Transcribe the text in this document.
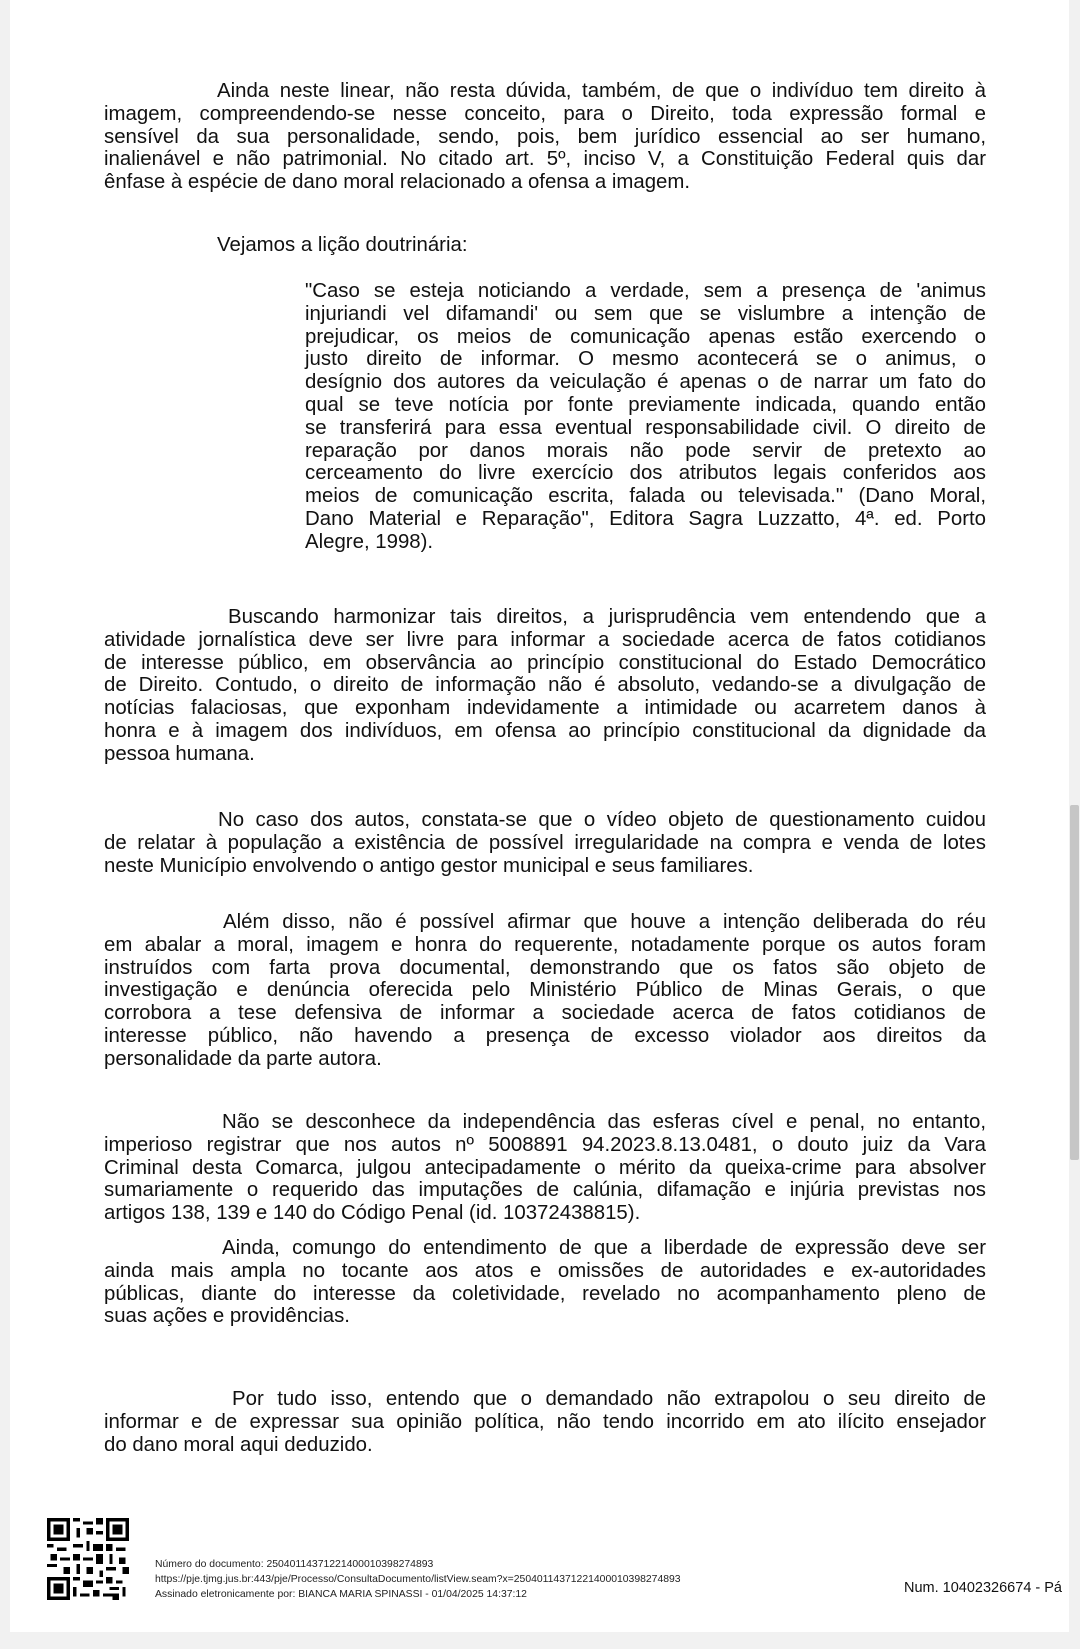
Ainda neste linear, não resta dúvida, também, de que o indivíduo tem direito à
imagem, compreendendo-se nesse conceito, para o Direito, toda expressão formal e
sensível da sua personalidade, sendo, pois, bem jurídico essencial ao ser humano,
inalienável e não patrimonial. No citado art. 5º, inciso V, a Constituição Federal quis dar
ênfase à espécie de dano moral relacionado a ofensa a imagem.
Vejamos a lição doutrinária:
"Caso se esteja noticiando a verdade, sem a presença de 'animus
injuriandi vel difamandi' ou sem que se vislumbre a intenção de
prejudicar, os meios de comunicação apenas estão exercendo o
justo direito de informar. O mesmo acontecerá se o animus, o
desígnio dos autores da veiculação é apenas o de narrar um fato do
qual se teve notícia por fonte previamente indicada, quando então
se transferirá para essa eventual responsabilidade civil. O direito de
reparação por danos morais não pode servir de pretexto ao
cerceamento do livre exercício dos atributos legais conferidos aos
meios de comunicação escrita, falada ou televisada." (Dano Moral,
Dano Material e Reparação", Editora Sagra Luzzatto, 4ª. ed. Porto
Alegre, 1998).
Buscando harmonizar tais direitos, a jurisprudência vem entendendo que a
atividade jornalística deve ser livre para informar a sociedade acerca de fatos cotidianos
de interesse público, em observância ao princípio constitucional do Estado Democrático
de Direito. Contudo, o direito de informação não é absoluto, vedando-se a divulgação de
notícias falaciosas, que exponham indevidamente a intimidade ou acarretem danos à
honra e à imagem dos indivíduos, em ofensa ao princípio constitucional da dignidade da
pessoa humana.
No caso dos autos, constata-se que o vídeo objeto de questionamento cuidou
de relatar à população a existência de possível irregularidade na compra e venda de lotes
neste Município envolvendo o antigo gestor municipal e seus familiares.
Além disso, não é possível afirmar que houve a intenção deliberada do réu
em abalar a moral, imagem e honra do requerente, notadamente porque os autos foram
instruídos com farta prova documental, demonstrando que os fatos são objeto de
investigação e denúncia oferecida pelo Ministério Público de Minas Gerais, o que
corrobora a tese defensiva de informar a sociedade acerca de fatos cotidianos de
interesse público, não havendo a presença de excesso violador aos direitos da
personalidade da parte autora.
Não se desconhece da independência das esferas cível e penal, no entanto,
imperioso registrar que nos autos nº 5008891 94.2023.8.13.0481, o douto juiz da Vara
Criminal desta Comarca, julgou antecipadamente o mérito da queixa-crime para absolver
sumariamente o requerido das imputações de calúnia, difamação e injúria previstas nos
artigos 138, 139 e 140 do Código Penal (id. 10372438815).
Ainda, comungo do entendimento de que a liberdade de expressão deve ser
ainda mais ampla no tocante aos atos e omissões de autoridades e ex-autoridades
públicas, diante do interesse da coletividade, revelado no acompanhamento pleno de
suas ações e providências.
Por tudo isso, entendo que o demandado não extrapolou o seu direito de
informar e de expressar sua opinião política, não tendo incorrido em ato ilícito ensejador
do dano moral aqui deduzido.
Número do documento: 25040114371221400010398274893
https://pje.tjmg.jus.br:443/pje/Processo/ConsultaDocumento/listView.seam?x=25040114371221400010398274893
Assinado eletronicamente por: BIANCA MARIA SPINASSI - 01/04/2025 14:37:12	Num. 10402326674 - Pá
